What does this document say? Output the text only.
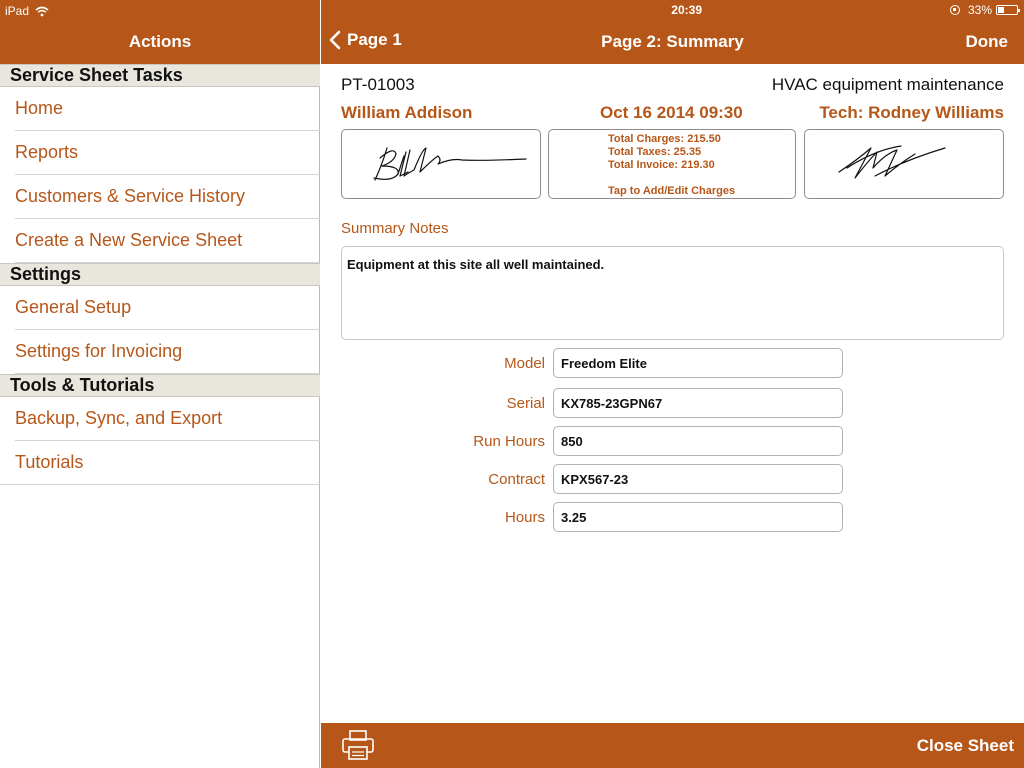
iPad
Actions
Service Sheet Tasks
Home
Reports
Customers & Service History
Create a New Service Sheet
Settings
General Setup
Settings for Invoicing
Tools & Tutorials
Backup, Sync, and Export
Tutorials
20:39	33%
Page 1	Page 2: Summary	Done
PT-01003	HVAC equipment maintenance
William Addison	Oct 16 2014 09:30	Tech: Rodney Williams
Total Charges: 215.50
Total Taxes: 25.35
Total Invoice: 219.30
Tap to Add/Edit Charges
Summary Notes
Equipment at this site all well maintained.
Model
Freedom Elite
Serial
KX785-23GPN67
Run Hours
850
Contract
KPX567-23
Hours
3.25
Close Sheet
